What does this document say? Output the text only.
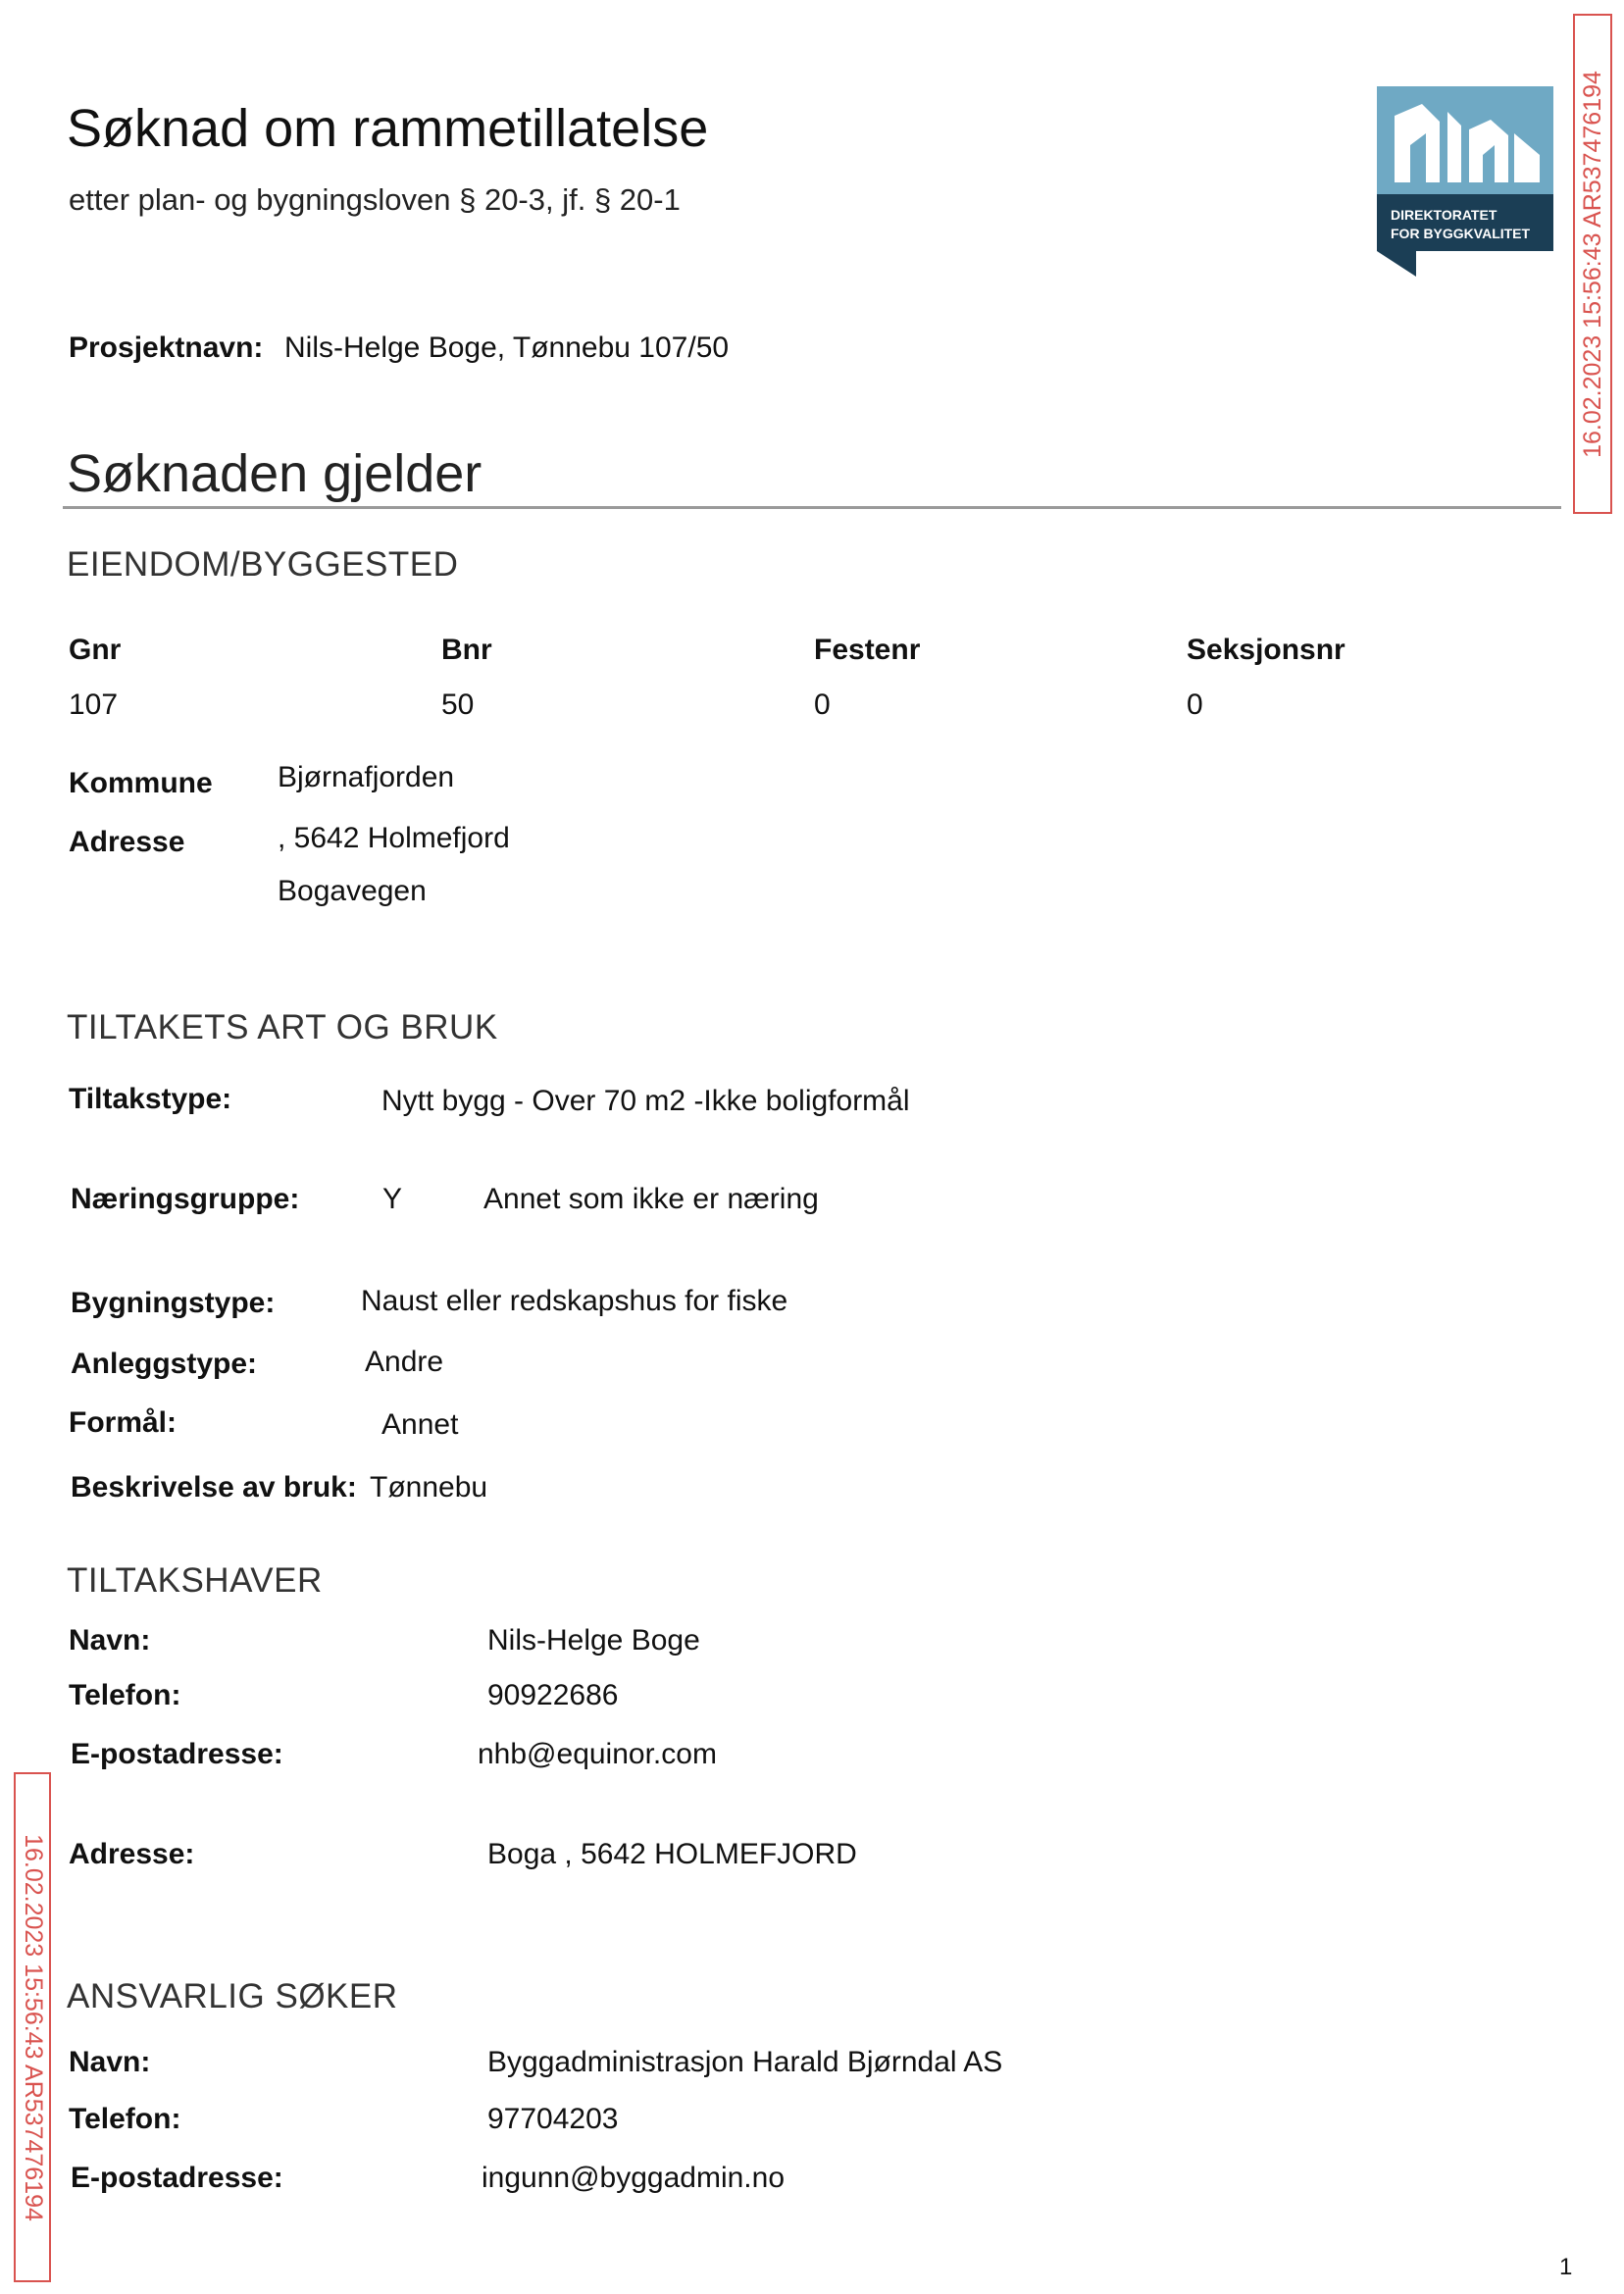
Søknad om rammetillatelse
etter plan- og bygningsloven § 20-3, jf. § 20-1	DIREKTORATET
FOR BYGGKVALITET 16.02.2023 15:56:43 AR537476194
16.02.2023 15:56:43 AR537476194
Prosjektnavn: Nils-Helge Boge, Tønnebu 107/50
Søknaden gjelder
EIENDOM/BYGGESTED
Gnr	Bnr	Festenr	Seksjonsnr
107	50	0	0
Kommune Bjørnafjorden
Adresse	, 5642 Holmefjord
Bogavegen
TILTAKETS ART OG BRUK
Tiltakstype:	Nytt bygg - Over 70 m2 -Ikke boligformål
Næringsgruppe:	Y	Annet som ikke er næring
Bygningstype:	Naust eller redskapshus for fiske
Anleggstype:	Andre
Formål:	Annet
Beskrivelse av bruk: Tønnebu
TILTAKSHAVER
Navn:	Nils-Helge Boge
Telefon:	90922686
E-postadresse:	nhb@equinor.com
Adresse:	Boga , 5642 HOLMEFJORD
ANSVARLIG SØKER
Navn:	Byggadministrasjon Harald Bjørndal AS
Telefon:	97704203
E-postadresse:	ingunn@byggadmin.no
1
